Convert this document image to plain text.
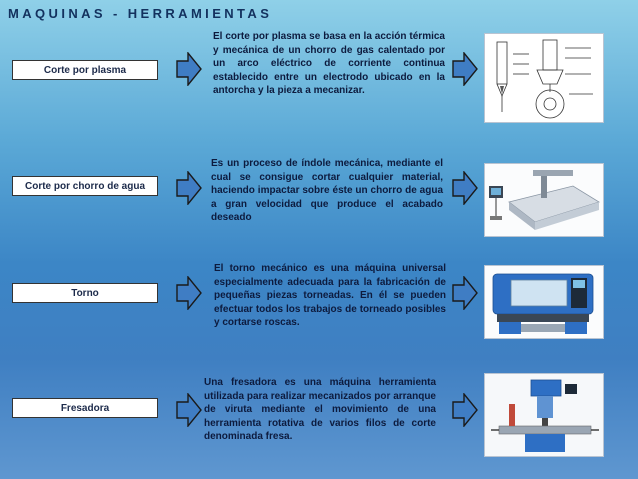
MAQUINAS - HERRAMIENTAS
Corte por plasma
El corte por plasma se basa en la acción térmica y mecánica de un chorro de gas calentado por un arco eléctrico de corriente continua establecido entre un electrodo ubicado en la antorcha y la pieza a mecanizar.
Corte por chorro de agua
Es un proceso de índole mecánica, mediante el cual se consigue cortar cualquier material, haciendo impactar sobre éste un chorro de agua a gran velocidad que produce el acabado deseado
Torno
El torno mecánico es una máquina universal especialmente adecuada para la fabricación de pequeñas piezas torneadas. En él se pueden efectuar todos los trabajos de torneado posibles y cortarse roscas.
Fresadora
Una fresadora es una máquina herramienta utilizada para realizar mecanizados por arranque de viruta mediante el movimiento de una herramienta rotativa de varios filos de corte denominada fresa.
